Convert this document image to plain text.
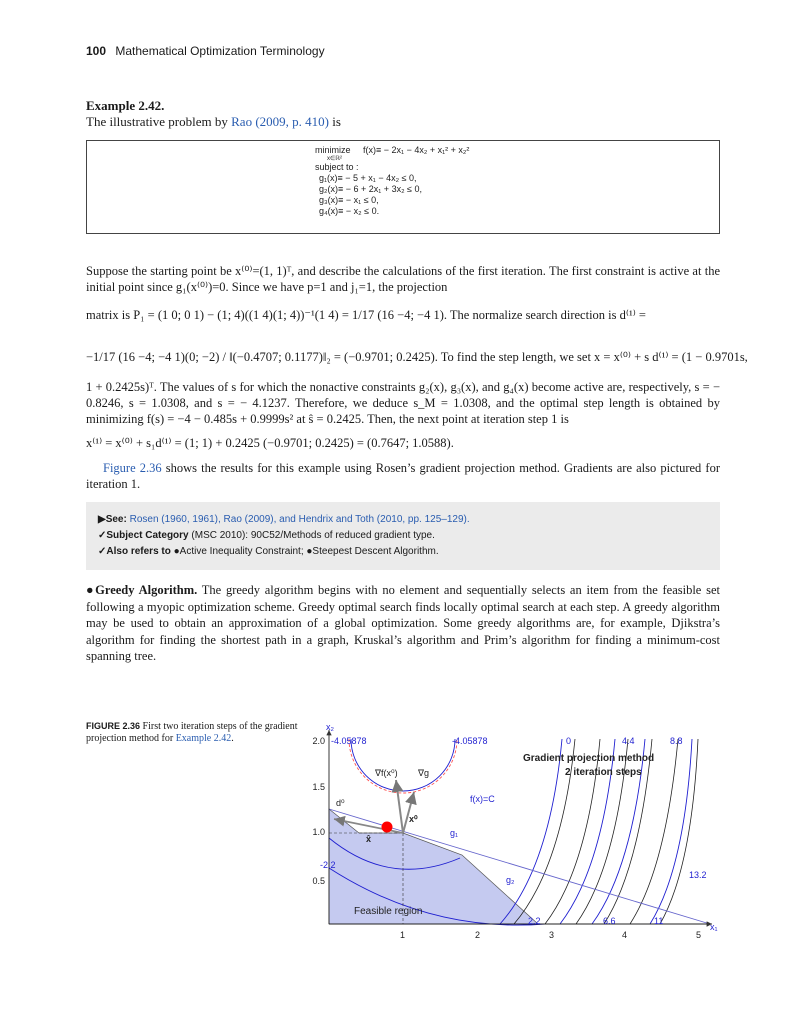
100 Mathematical Optimization Terminology
Example 2.42.
The illustrative problem by Rao (2009, p. 410) is
minimize f(x)≡ − 2x₁ − 4x₂ + x₁² + x₂²
x∈ℝ²
subject to :
g₁(x)≡ − 5 + x₁ − 4x₂ ≤ 0,
g₂(x)≡ − 6 + 2x₁ + 3x₂ ≤ 0,
g₃(x)≡ − x₁ ≤ 0,
g₄(x)≡ − x₂ ≤ 0.
Suppose the starting point be x⁽⁰⁾=(1, 1)ᵀ, and describe the calculations of the first iteration. The first constraint is active at the initial point since g₁(x⁽⁰⁾)=0. Since we have p=1 and j₁=1, the projection
matrix is P₁ = (1 0; 0 1) − (1; 4)((1 4)(1; 4))⁻¹(1 4) = 1/17 (16 −4; −4 1). The normalize search direction is d⁽¹⁾ =
−1/17 (16 −4; −4 1)(0; −2) / ‖(−0.4707; 0.1177)‖₂ = (−0.9701; 0.2425). To find the step length, we set x = x⁽⁰⁾ + s d⁽¹⁾ = (1 − 0.9701s,
1 + 0.2425s)ᵀ. The values of s for which the nonactive constraints g₂(x), g₃(x), and g₄(x) become active are, respectively, s = − 0.8246, s = 1.0308, and s = − 4.1237. Therefore, we deduce s_M = 1.0308, and the optimal step length is obtained by minimizing f(s) = −4 − 0.485s + 0.9999s² at ŝ = 0.2425. Then, the next point at iteration step 1 is
x⁽¹⁾ = x⁽⁰⁾ + s₁d⁽¹⁾ = (1; 1) + 0.2425 (−0.9701; 0.2425) = (0.7647; 1.0588).
Figure 2.36 shows the results for this example using Rosen’s gradient projection method. Gradients are also pictured for iteration 1.
▶See: Rosen (1960, 1961), Rao (2009), and Hendrix and Toth (2010, pp. 125–129).
✓Subject Category (MSC 2010): 90C52/Methods of reduced gradient type.
✓Also refers to ●Active Inequality Constraint; ●Steepest Descent Algorithm.
●Greedy Algorithm. The greedy algorithm begins with no element and sequentially selects an item from the feasible set following a myopic optimization scheme. Greedy optimal search finds locally optimal search at each step. A greedy algorithm may be used to obtain an approximation of a global optimization. Some greedy algorithms are, for example, Djikstra’s algorithm for finding the shortest path in a graph, Kruskal’s algorithm and Prim’s algorithm for finding a minimum-cost spanning tree.
FIGURE 2.36 First two iteration steps of the gradient projection method for Example 2.42.
1	2	3	4	5
0.5
1.0
1.5
2.0
x₁
x₂
-4.05878	-4.05878
-2.2
0
2.2
4.4
6.6
8.8
11
13.2
Gradient projection method
2 iteration steps
∇f(x⁰) ∇g
d⁰	f(x)=C
x⁰
x̂
g₁
g₂
Feasible region
